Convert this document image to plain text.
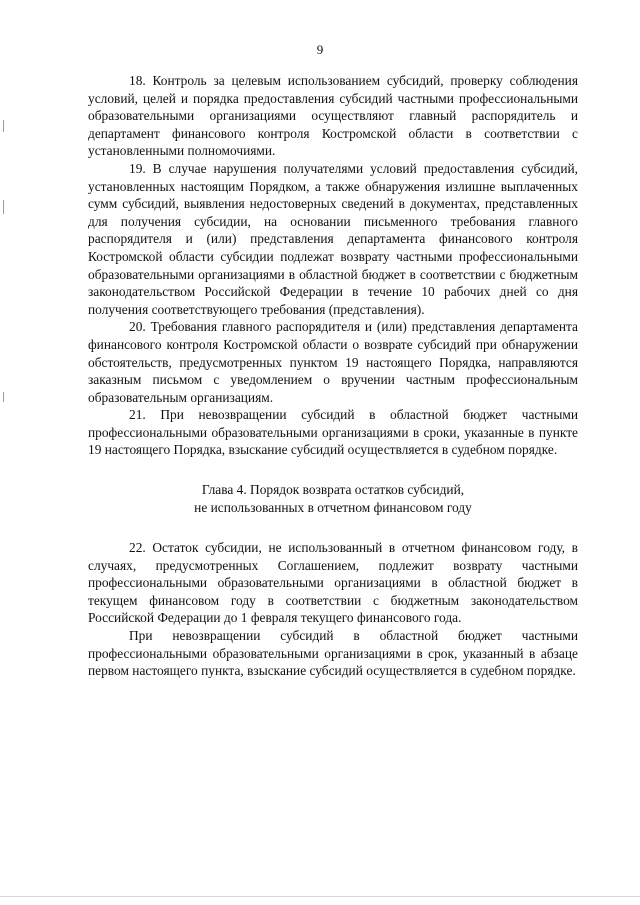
9

18. Контроль за целевым использованием субсидий, проверку соблюдения условий, целей и порядка предоставления субсидий частными профессиональными образовательными организациями осуществляют главный распорядитель и департамент финансового контроля Костромской области в соответствии с установленными полномочиями.

19. В случае нарушения получателями условий предоставления субсидий, установленных настоящим Порядком, а также обнаружения излишне выплаченных сумм субсидий, выявления недостоверных сведений в документах, представленных для получения субсидии, на основании письменного требования главного распорядителя и (или) представления департамента финансового контроля Костромской области субсидии подлежат возврату частными профессиональными образовательными организациями в областной бюджет в соответствии с бюджетным законодательством Российской Федерации в течение 10 рабочих дней со дня получения соответствующего требования (представления).

20. Требования главного распорядителя и (или) представления департамента финансового контроля Костромской области о возврате субсидий при обнаружении обстоятельств, предусмотренных пунктом 19 настоящего Порядка, направляются заказным письмом с уведомлением о вручении частным профессиональным образовательным организациям.

21. При невозвращении субсидий в областной бюджет частными профессиональными образовательными организациями в сроки, указанные в пункте 19 настоящего Порядка, взыскание субсидий осуществляется в судебном порядке.

Глава 4. Порядок возврата остатков субсидий,
не использованных в отчетном финансовом году

22. Остаток субсидии, не использованный в отчетном финансовом году, в случаях, предусмотренных Соглашением, подлежит возврату частными профессиональными образовательными организациями в областной бюджет в текущем финансовом году в соответствии с бюджетным законодательством Российской Федерации до 1 февраля текущего финансового года.

При невозвращении субсидий в областной бюджет частными профессиональными образовательными организациями в срок, указанный в абзаце первом настоящего пункта, взыскание субсидий осуществляется в судебном порядке.
